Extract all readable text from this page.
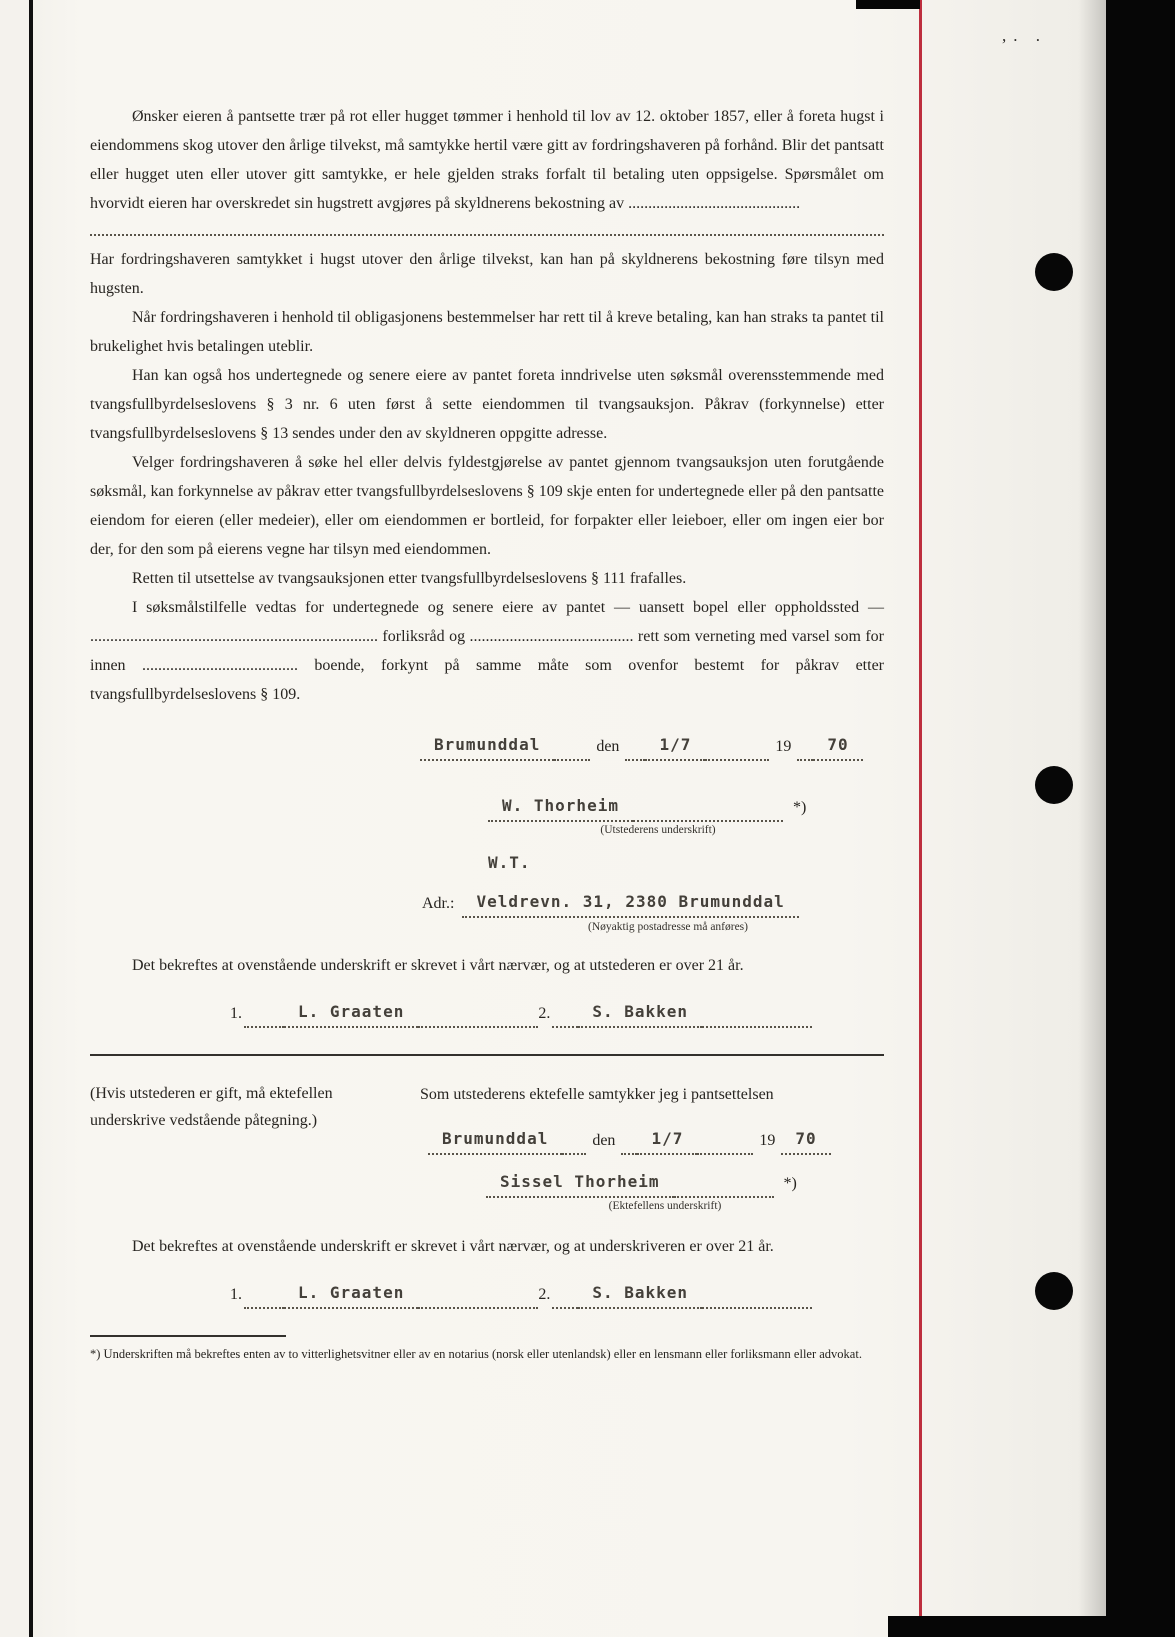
,. .

Ønsker eieren å pantsette trær på rot eller hugget tømmer i henhold til lov av 12. oktober 1857, eller å foreta hugst i eiendommens skog utover den årlige tilvekst, må samtykke hertil være gitt av fordringshaveren på forhånd. Blir det pantsatt eller hugget uten eller utover gitt samtykke, er hele gjelden straks forfalt til betaling uten oppsigelse. Spørsmålet om hvorvidt eieren har overskredet sin hugstrett avgjøres på skyldnerens bekostning av ...........................................

Har fordringshaveren samtykket i hugst utover den årlige tilvekst, kan han på skyldnerens bekostning føre tilsyn med hugsten.

Når fordringshaveren i henhold til obligasjonens bestemmelser har rett til å kreve betaling, kan han straks ta pantet til brukelighet hvis betalingen uteblir.

Han kan også hos undertegnede og senere eiere av pantet foreta inndrivelse uten søksmål overensstemmende med tvangsfullbyrdelseslovens § 3 nr. 6 uten først å sette eiendommen til tvangsauksjon. Påkrav (forkynnelse) etter tvangsfullbyrdelseslovens § 13 sendes under den av skyldneren oppgitte adresse.

Velger fordringshaveren å søke hel eller delvis fyldestgjørelse av pantet gjennom tvangsauksjon uten forutgående søksmål, kan forkynnelse av påkrav etter tvangsfullbyrdelseslovens § 109 skje enten for undertegnede eller på den pantsatte eiendom for eieren (eller medeier), eller om eiendommen er bortleid, for forpakter eller leieboer, eller om ingen eier bor der, for den som på eierens vegne har tilsyn med eiendommen.

Retten til utsettelse av tvangsauksjonen etter tvangsfullbyrdelseslovens § 111 frafalles.

I søksmålstilfelle vedtas for undertegnede og senere eiere av pantet — uansett bopel eller oppholdssted — ........................................................................ forliksråd og ......................................... rett som verneting med varsel som for innen ....................................... boende, forkynt på samme måte som ovenfor bestemt for påkrav etter tvangsfullbyrdelseslovens § 109.

Brumunddal	den	1/7	19	70
W. Thorheim	*)
(Utstederens underskrift)
W.T.
Adr.:	Veldrevn. 31, 2380 Brumunddal
(Nøyaktig postadresse må anføres)

Det bekreftes at ovenstående underskrift er skrevet i vårt nærvær, og at utstederen er over 21 år.

1.	L. Graaten	2.	S. Bakken
(Hvis utstederen er gift, må ektefellen underskrive vedstående påtegning.)
Som utstederens ektefelle samtykker jeg i pantsettelsen
Brumunddal	den	1/7	19	70
Sissel Thorheim	*)
(Ektefellens underskrift)

Det bekreftes at ovenstående underskrift er skrevet i vårt nærvær, og at underskriveren er over 21 år.

1.	L. Graaten	2.	S. Bakken

*) Underskriften må bekreftes enten av to vitterlighetsvitner eller av en notarius (norsk eller utenlandsk) eller en lensmann eller forliksmann eller advokat.
